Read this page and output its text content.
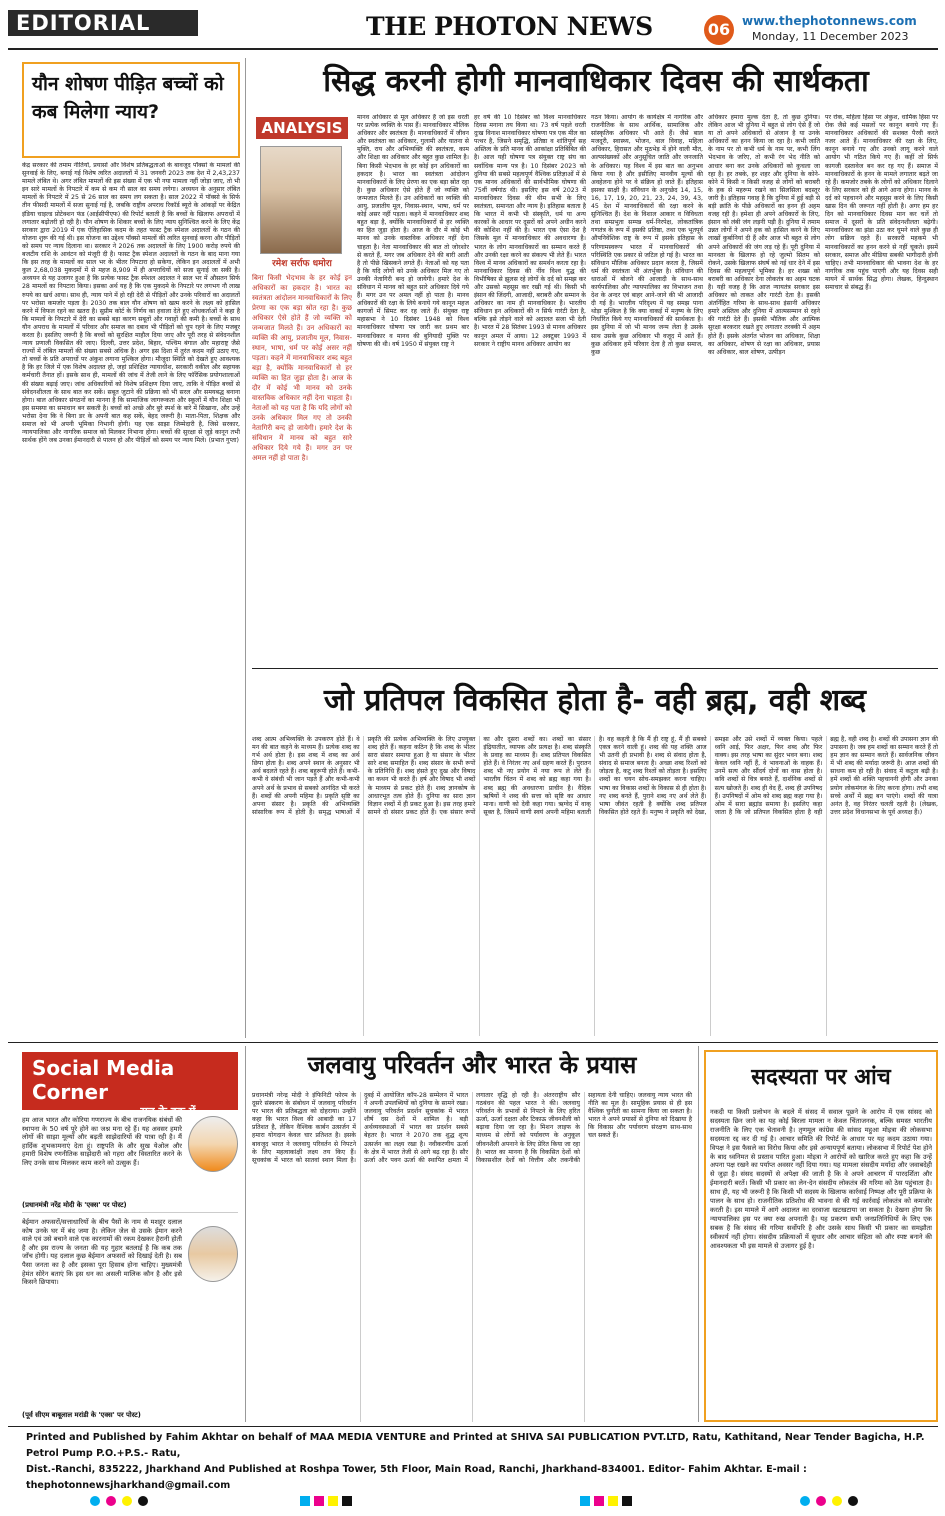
EDITORIAL	THE PHOTON NEWS	06 www.thephotonnews.com
Monday, 11 December 2023
यौन शोषण पीड़ित बच्चों को कब मिलेगा न्याय?
केंद्र सरकार की तमाम नीतियों, प्रयासों और विशेष प्रतिबद्धताओं के बावजूद पॉक्सो के मामलों की सुनवाई के लिए, बनाई गई विशेष त्वरित अदालतों में 31 जनवरी 2023 तक देश में 2,43,237 मामले लंबित थे। अगर लंबित मामलों की इस संख्या में एक भी नया मामला नहीं जोड़ा जाए, तो भी इन सारे मामलों के निपटारे में कम से कम नौ साल का समय लगेगा। अध्ययन के अनुसार लंबित मामलों के निपटारे में 25 से 26 साल का समय लग सकता है। साल 2022 में पॉक्सो के सिर्फ तीन फीसदी मामलों में सजा सुनाई गई है, जबकि राष्ट्रीय अपराध रिकॉर्ड ब्यूरो के आंकड़ों पर केंद्रित इंडिया चाइल्ड प्रोटेक्शन फंड (आईसीपीएफ) की रिपोर्ट बताती है कि बच्चों के खिलाफ अपराधों में लगातार बढ़ोतरी हो रही है। यौन शोषण के शिकार बच्चों के लिए न्याय सुनिश्चित करने के लिए केंद्र सरकार द्वारा 2019 में एक ऐतिहासिक कदम के तहत फास्ट ट्रैक स्पेशल अदालतों के गठन की योजना शुरू की गई थी। इस योजना का उद्देश्य पॉक्सो मामलों की त्वरित सुनवाई करना और पीड़ितों को समय पर न्याय दिलाना था। सरकार ने 2026 तक अदालतों के लिए 1900 करोड़ रुपये की बजटीय राशि के आवंटन को मंजूरी दी है। फास्ट ट्रैक स्पेशल अदालतों के गठन के बाद माना गया कि इस तरह के मामलों का साल भर के भीतर निपटारा हो सकेगा, लेकिन इन अदालतों में अभी कुल 2,68,038 मुकदमों में से महज 8,909 में ही अपराधियों को सजा सुनाई जा सकी है। अध्ययन से यह उजागर हुआ है कि प्रत्येक फास्ट ट्रैक स्पेशल अदालत ने साल भर में औसतन सिर्फ 28 मामलों का निपटारा किया। इसका अर्थ यह है कि एक मुकदमे के निपटारे पर लगभग नौ लाख रुपये का खर्च आया। साथ ही, न्याय पाने में हो रही देरी से पीड़ितों और उनके परिवारों का अदालतों पर भरोसा कमजोर पड़ता है। 2030 तक बाल यौन शोषण को खत्म करने के लक्ष्य को हासिल करने में विफल रहने का खतरा है। सुप्रीम कोर्ट के निर्णय का हवाला देते हुए शोधकर्ताओं ने कहा है कि मामलों के निपटारे में देरी का सबसे बड़ा कारण सबूतों और गवाहों की कमी है। बच्चों के साथ यौन अपराध के मामलों में परिवार और समाज का दबाव भी पीड़ितों को चुप रहने के लिए मजबूर करता है। इसलिए जरूरी है कि बच्चों को सुरक्षित माहौल दिया जाए और पूरी तरह से संवेदनशील न्याय प्रणाली विकसित की जाए। दिल्ली, उत्तर प्रदेश, बिहार, पश्चिम बंगाल और महाराष्ट्र जैसे राज्यों में लंबित मामलों की संख्या सबसे अधिक है। अगर इस दिशा में तुरंत कदम नहीं उठाए गए, तो बच्चों के प्रति अपराधों पर अंकुश लगाना मुश्किल होगा। मौजूदा स्थिति को देखते हुए आवश्यक है कि हर जिले में एक विशेष अदालत हो, जहां प्रशिक्षित न्यायाधीश, सरकारी वकील और सहायक कर्मचारी तैनात हों। इसके साथ ही, मामलों की जांच में तेजी लाने के लिए फॉरेंसिक प्रयोगशालाओं की संख्या बढ़ाई जाए। जांच अधिकारियों को विशेष प्रशिक्षण दिया जाए, ताकि वे पीड़ित बच्चों से संवेदनशीलता के साथ बात कर सकें। सबूत जुटाने की प्रक्रिया को भी सरल और समयबद्ध बनाना होगा। बाल अधिकार संगठनों का मानना है कि सामाजिक जागरूकता और स्कूलों में यौन शिक्षा भी इस समस्या का समाधान बन सकती है। बच्चों को अच्छे और बुरे स्पर्श के बारे में सिखाना, और उन्हें भरोसा देना कि वे बिना डर के अपनी बात कह सकें, बेहद जरूरी है। माता-पिता, शिक्षक और समाज को भी अपनी भूमिका निभानी होगी। यह एक साझा जिम्मेदारी है, जिसे सरकार, न्यायपालिका और नागरिक समाज को मिलकर निभाना होगा। बच्चों की सुरक्षा से जुड़े कानून तभी सार्थक होंगे जब उनका ईमानदारी से पालन हो और पीड़ितों को समय पर न्याय मिले। (प्रभात गुप्ता)
सिद्ध करनी होगी मानवाधिकार दिवस की सार्थकता
ANALYSIS
रमेश सर्राफ धमोरा
बिना किसी भेदभाव के हर कोई इन अधिकारों का हकदार है। भारत का स्वतंत्रता आंदोलन मानवाधिकारों के लिए प्रेरणा का एक बड़ा स्रोत रहा है। कुछ अधिकार ऐसे होते हैं जो व्यक्ति को जन्मजात मिलते हैं। उन अधिकारों का व्यक्ति की आयु, प्रजातीय मूल, निवास-स्थान, भाषा, धर्म पर कोई असर नहीं पड़ता। कहने में मानवाधिकार शब्द बहुत बड़ा है, क्योंकि मानवाधिकारों से हर व्यक्ति का हित जुड़ा होता है। आज के दौर में कोई भी मानव को उनके वास्तविक अधिकार नहीं देना चाहता है। नेताओं को यह पता है कि यदि लोगों को उनके अधिकार मिल गए तो उनकी नेतागिरी बन्द हो जायेगी। हमारे देश के संविधान में मानव को बहुत सारे अधिकार दिये गये हैं। मगर उन पर अमल नहीं हो पाता है।
मानव अधिकार से मूल अधिकार हैं जो इस धरती पर प्रत्येक व्यक्ति के पास हैं। मानवाधिकार मौलिक अधिकार और स्वतंत्रता हैं। मानवाधिकारों में जीवन और स्वतंत्रता का अधिकार, गुलामी और यातना से मुक्ति, राय और अभिव्यक्ति की स्वतंत्रता, काम और शिक्षा का अधिकार और बहुत कुछ शामिल है। बिना किसी भेदभाव के हर कोई इन अधिकारों का हकदार है। भारत का स्वतंत्रता आंदोलन मानवाधिकारों के लिए प्रेरणा का एक बड़ा स्रोत रहा है। कुछ अधिकार ऐसे होते हैं जो व्यक्ति को जन्मजात मिलते हैं। उन अधिकारों का व्यक्ति की आयु, प्रजातीय मूल, निवास-स्थान, भाषा, धर्म पर कोई असर नहीं पड़ता। कहने में मानवाधिकार शब्द बहुत बड़ा है, क्योंकि मानवाधिकारों से हर व्यक्ति का हित जुड़ा होता है। आज के दौर में कोई भी मानव को उनके वास्तविक अधिकार नहीं देना चाहता है। नेता मानवाधिकार की बात तो जोरशोर से करते हैं, मगर जब अधिकार देने की बारी आती है तो पीछे खिसकने लगते हैं। नेताओं को यह पता है कि यदि लोगों को उनके अधिकार मिल गए तो उनकी नेतागिरी बन्द हो जायेगी। हमारे देश के संविधान में मानव को बहुत सारे अधिकार दिये गये हैं। मगर उन पर अमल नहीं हो पाता है। मानव अधिकारों की रक्षा के लिये बनाये गये कानून महज कागजों में सिमट कर रह जाते हैं। संयुक्त राष्ट्र महासभा ने 10 दिसंबर 1948 को विश्व मानवाधिकार घोषणा पत्र जारी कर प्रथम बार मानवाधिकार व मानव की बुनियादी मुक्ति पर घोषणा की थी। वर्ष 1950 में संयुक्त राष्ट्र ने
हर वर्ष की 10 दिसंबर को विश्व मानवाधिकार दिवस मनाना तय किया था। 73 वर्ष पहले धरती दुःख विनाश मानवाधिकार घोषणा पत्र एक मील का पत्थर है, जिसने समृद्धि, प्रतिष्ठा व शांतिपूर्ण सह अस्तित्व के प्रति मानव की आकांक्षा प्रतिबिंबित की है। आज यही घोषणा पत्र संयुक्त राष्ट्र संघ का सर्वाधिक मान्य पत्र है। 10 दिसंबर 2023 को दुनिया की सबसे महत्वपूर्ण वैश्विक प्रतिज्ञाओं में से एक मानव अधिकारों की सार्वभौमिक घोषणा की 75वीं वर्षगांठ थी। इसलिए इस वर्ष 2023 में मानवाधिकार दिवस की थीम सभी के लिए स्वतंत्रता, समानता और न्याय है। इतिहास बताता है कि भारत में कभी भी संस्कृति, धर्म या अन्य कारकों के आधार पर दूसरों को अपने अधीन करने की कोशिश नहीं की है। भारत एक ऐसा देश है जिसके मूल में मानवाधिकार की अवधारणा है। भारत के लोग मानवाधिकारों का सम्मान करते हैं और उनकी रक्षा करने का संकल्प भी लेते हैं। भारत विश्व में मानव अधिकारों का समर्थन करता रहा है। मानवाधिकार दिवस की नींव विश्व युद्ध की विभीषिका से झुलस रहे लोगों के दर्द को समझ कर और उसको महसूस कर रखी गई थी। किसी भी इंसान की जिंदगी, आजादी, बराबरी और सम्मान के अधिकार का नाम ही मानवाधिकार है। भारतीय संविधान इन अधिकारों की न सिर्फ गारंटी देता है, बल्कि इसे तोड़ने वाले को अदालत सजा भी देती है। भारत में 28 सितंबर 1993 से मानव अधिकार कानून अमल में आया। 12 अक्टूबर 1993 में सरकार ने राष्ट्रीय मानव अधिकार आयोग का
गठन किया। आयोग के कार्यक्षेत्र में नागरिक और राजनीतिक के साथ आर्थिक, सामाजिक और सांस्कृतिक अधिकार भी आते हैं। जैसे बाल मजदूरी, स्वास्थ्य, भोजन, बाल विवाह, महिला अधिकार, हिरासत और मुठभेड़ में होने वाली मौत, अल्पसंख्यकों और अनुसूचित जाति और जनजाति के अधिकार। यह विश्व में इस बात का अनुभव किया गया है और इसीलिए मानवीय मूल्यों की अवहेलना होने पर वे संक्रिय हो जाते हैं। इतिहास इसका साक्षी है। संविधान के अनुच्छेद 14, 15, 16, 17, 19, 20, 21, 23, 24, 39, 43, 45 देश में मानवाधिकारों की रक्षा करने के सुनिश्चित हैं। देश के विशाल आकार व विविधता तथा सम्प्रभुता सम्पन्न धर्म-निरपेक्ष, लोकतांत्रिक गणतंत्र के रूप में इसकी प्रतिष्ठा, तथा एक भूतपूर्व औपनिवेशिक राष्ट्र के रूप में इसके इतिहास के परिणामस्वरूप भारत में मानवाधिकारों की परिस्थिति एक प्रकार से जटिल हो गई है। भारत का संविधान मौलिक अधिकार प्रदान करता है, जिसमें धर्म की स्वतंत्रता भी अंतर्भुक्त है। संविधान की धाराओं में बोलने की आजादी के साथ-साथ कार्यपालिका और न्यायपालिका का विभाजन तथा देश के अन्दर एवं बाहर आने-जाने की भी आजादी दी गई है। भारतीय परिदृश्य में यह समझ पाना थोड़ा मुश्किल है कि क्या वाकई में मनुष्य के लिए निर्धारित किये गए मानवाधिकारों की सार्थकता है। इस दुनिया में जो भी मानव जन्म लेता है उसके साथ उसके कुछ अधिकार भी वजूद में आते हैं। कुछ अधिकार हमें परिवार देता है तो कुछ समाज, कुछ
अधिकार हमारा मुल्क देता है, तो कुछ दुनिया। लेकिन आज भी दुनिया में बहुत से लोग ऐसे हैं जो या तो अपने अधिकारों से अंजान है या उनके अधिकारों का हनन किया जा रहा है। कभी जाति के नाम पर तो कभी धर्म के नाम पर, कभी लिंग भेदभाव के जरिए, तो कभी रंग भेद नीति को आधार बना कर उनके अधिकारों को कुचला जा रहा है। हर तबके, हर शहर और दुनिया के कोने-कोने में किसी न किसी वजह से लोगों को बराबरी के हक से महरूम रखने का सिलसिला बदस्तूर जारी है। इतिहास गवाह है कि दुनिया में हुई बड़ी से बड़ी क्रांति के पीछे अधिकारों का हनन ही अहम वजह रही है। हमेशा ही अपने अधिकारों के लिए, इंसान को लंबी जंग लड़नी पड़ी है। दुनिया में तमाम उन्नत लोगों ने अपने हक को हासिल करने के लिए लाखों कुर्बानियां दी हैं और आज भी बहुत से लोग अपने अधिकारों की जंग लड़ रहे हैं। पूरी दुनिया में मानवता के खिलाफ हो रहे जुल्मो सितम को रोकने, उसके खिलाफ संघर्ष को नई धार देने में इस दिवस की महत्वपूर्ण भूमिका है। हर शख्स को बराबरी का अधिकार देना लोकतंत्र का अहम घटक है। यही वजह है कि आज न्यायतंत्र सरकार इस अधिकार को ताकत और गारंटी देता है। इसकी अंतर्निहित गरिमा के साथ-साथ इंसानी अधिकार हमारे अस्तित्व और दुनिया में आत्मसम्मान से रहने की गारंटी देते हैं। इसकी भौतिक और आत्मिक सुरक्षा बरकरार रखते हुए लगातार तरक्की में अहम होते हैं। इसके अंतर्गत भोजन का अधिकार, शिक्षा का अधिकार, शोषण से रक्षा का अधिकार, प्रयास का अधिकार, बाल शोषण, उत्पीड़न
पर रोक, महिला हिंसा पर अंकुश, धार्मिक हिंसा पर रोक जैसे कई मसलों पर कानून बनाये गए हैं। मानवाधिकार अधिकारों की सशक्त पैरवी करते नजर आते हैं। मानवाधिकार की रक्षा के लिए, कानून बनाये गए और उनको लागू करने वाले आयोग भी गठित किये गए हैं। कहीं तो सिर्फ कागजी दस्तावेज बन कर रह गए हैं। समाज में मानवाधिकारों के हनन के मामले लगातार बढ़ते जा रहे हैं। कमजोर तबके के लोगों को अधिकार दिलाने के लिए सरकार को ही आगे आना होगा। मानव के दर्द को पहचानने और महसूस करने के लिए किसी खास दिन की जरूरत नहीं होती है। अगर हम हर दिन को मानवाधिकार दिवस मान कर चलें तो समाज में दूसरों के प्रति संवेदनशीलता बढ़ेगी। मानवाधिकार का झंडा उठा कर घूमने वाले कुछ ही लोग सक्रिय रहते हैं। सरकारी महकमे भी मानवाधिकारों का हनन करने से नहीं चूकते। इसमें सरकार, समाज और मीडिया सबकी भागीदारी होनी चाहिए। तभी मानवाधिकार की भावना देश के हर नागरिक तक पहुंच पाएगी और यह दिवस सही मायने में सार्थक सिद्ध होगा। लेखक, हिन्दुस्थान समाचार से संबद्ध हैं।
जो प्रतिपल विकसित होता है- वही ब्रह्म, वही शब्द
शब्द आत्म अभिव्यक्ति के उपकरण होते हैं। वे मन की बात कहने के माध्यम हैं। प्रत्येक शब्द का गर्भ अर्थ होता है। इस शब्द में शब्द का अर्थ छिपा होता है। शब्द अपने स्थान के अनुसार भी अर्थ बदलते रहते हैं। शब्द बहुरूपी होते हैं। कभी-कभी वे संबंधी भी जान पड़ते हैं और कभी-कभी अपने अर्थ के प्रभाव से सबको आनंदित भी करते हैं। शब्दों की अपनी महिमा है। प्रकृति सृष्टि का अपना संसार है। प्रकृति की अभिव्यक्ति सांसारिक रूप में होती है। समृद्ध भाषाओं में प्रकृति की प्रत्येक अभिव्यक्ति के लिए उपयुक्त शब्द होते हैं। कहना कठिन है कि शब्द के भीतर सारा संसार समाया हुआ है या संसार के भीतर सारे शब्द समाहित हैं। शब्द संसार के सभी रूपों के प्रतिनिधि हैं। शब्द हंसते हुए दुख और विषाद का कथन भी करते हैं। हर्ष और विषाद भी शब्दों के माध्यम से प्रकट होते हैं। शब्द ज्ञानकोष के आधारभूत तत्व होते हैं। दुनिया का सारा ज्ञान विज्ञान शब्दों में ही प्रकट हुआ है। इस तरह हमारे सामने दो संसार प्रकट होते हैं। एक संसार रूपों का और दूसरा शब्दों का। शब्दों का संसार इंद्रियातीत, व्यापक और प्रत्यक्ष है। शब्द संस्कृति के प्रवाह का माध्यम हैं। शब्द प्रतिपल विकसित होते हैं। वे निरंतर नए अर्थ ग्रहण करते हैं। पुरातन शब्द भी नए प्रयोग में नया रूप ले लेते हैं। भारतीय चिंतन में शब्द को ब्रह्म कहा गया है। शब्द ब्रह्म की अवधारणा प्राचीन है। वैदिक ऋषियों ने शब्द की सत्ता को सृष्टि का आधार माना। वाणी को देवी कहा गया। ऋग्वेद में वाक् सूक्त है, जिसमें वाणी स्वयं अपनी महिमा बताती है। वह कहती है कि मैं ही राष्ट्र हूं, मैं ही सबको एकत्र करने वाली हूं। शब्द की यह शक्ति आज भी उतनी ही प्रभावी है। शब्द से संवाद होता है, संवाद से समाज बनता है। अच्छा शब्द रिश्तों को जोड़ता है, कटु शब्द रिश्तों को तोड़ता है। इसलिए शब्दों का चयन सोच-समझकर करना चाहिए। भाषा का विकास शब्दों के विकास से ही होता है। नए शब्द बनते हैं, पुराने शब्द नए अर्थ लेते हैं। भाषा जीवंत रहती है क्योंकि शब्द प्रतिपल विकसित होते रहते हैं। मनुष्य ने प्रकृति को देखा, समझा और उसे शब्दों में व्यक्त किया। पहले ध्वनि आई, फिर अक्षर, फिर शब्द और फिर वाक्य। इस तरह भाषा का सुंदर भवन बना। शब्द केवल ध्वनि नहीं हैं, वे भावनाओं के वाहक हैं। उनमें सत्य और सौंदर्य दोनों का वास होता है। कवि शब्दों से चित्र बनाते हैं, दार्शनिक शब्दों से सत्य खोजते हैं। शब्द ही वेद हैं, शब्द ही उपनिषद हैं। उपनिषदों में ओम को शब्द ब्रह्म कहा गया है। ओम में सारा ब्रह्मांड समाया है। इसलिए कहा जाता है कि जो प्रतिपल विकसित होता है वही ब्रह्म है, वही शब्द है। शब्दों की उपासना ज्ञान की उपासना है। जब हम शब्दों का सम्मान करते हैं तो हम ज्ञान का सम्मान करते हैं। सार्वजनिक जीवन में भी शब्द की मर्यादा जरूरी है। आज शब्दों की साधना कम हो रही है। संवाद में कटुता बढ़ी है। हमें शब्दों की शक्ति पहचाननी होगी और उनका प्रयोग लोकमंगल के लिए करना होगा। तभी शब्द सच्चे अर्थों में ब्रह्म बन पाएंगे। शब्दों की यात्रा अनंत है, वह निरंतर चलती रहती है। (लेखक, उत्तर प्रदेश विधानसभा के पूर्व अध्यक्ष हैं।)
Social Media Corner
सच के हक में...
हम आज भारत और कोरिया गणराज्य के बीच राजनयिक संबंधों की स्थापना के 50 वर्ष पूरे होने का जश्न मना रहे हैं। यह अवसर हमारे लोगों की साझा मूल्यों और बढ़ती साझेदारियों की यात्रा रही है। मैं हार्दिक शुभकामनाएं देता हूं। राष्ट्रपति के और सुख येओल और हमारी विशेष रणनीतिक साझेदारी को गहरा और विस्तारित करने के लिए उनके साथ मिलकर काम करने को उत्सुक हैं।
(प्रधानमंत्री नरेंद्र मोदी के 'एक्स' पर पोस्ट)
बेईमान अफसरों/सत्ताधारियों के बीच पैसों के नाम से मशहूर दलाल कोष उनके घर में बंद जमा है। लेकिन जेल से उसके ईमान करने वाले एवं उसे बचाने वाले एक कारनामों की रकम देखकर हैरानी होती है और इस राज्य के जनता की यह गुहार बतलाई है कि कब तक जाँच होगी। यह दलाल कुछ बेईमान अफसरों को दिखाई देती है। सब पैसा जनता का है और इसका पूरा हिसाब होना चाहिए। मुख्यमंत्री हेमंत सोरेन बताएं कि इस धन का असली मालिक कौन है और इसे किसने छिपाया।
(पूर्व सीएम बाबूलाल मरांडी के 'एक्स' पर पोस्ट)
जलवायु परिवर्तन और भारत के प्रयास
प्रधानमंत्री नरेन्द्र मोदी ने इंफिनिटी फोरम के दूसरे संस्करण के संबोधन में जलवायु परिवर्तन पर भारत की प्रतिबद्धता को दोहराया। उन्होंने कहा कि भारत विश्व की आबादी का 17 प्रतिशत है, लेकिन वैश्विक कार्बन उत्सर्जन में हमारा योगदान केवल चार प्रतिशत है। इसके बावजूद भारत ने जलवायु परिवर्तन से निपटने के लिए महत्वाकांक्षी लक्ष्य तय किए हैं। सूचकांक में भारत को सातवां स्थान मिला है। दुबई में आयोजित कॉप-28 सम्मेलन में भारत ने अपनी उपलब्धियों को दुनिया के सामने रखा। जलवायु परिवर्तन प्रदर्शन सूचकांक में भारत शीर्ष दस देशों में शामिल है। बड़ी अर्थव्यवस्थाओं में भारत का प्रदर्शन सबसे बेहतर है। भारत ने 2070 तक शुद्ध शून्य उत्सर्जन का लक्ष्य रखा है। नवीकरणीय ऊर्जा के क्षेत्र में भारत तेजी से आगे बढ़ रहा है। सौर ऊर्जा और पवन ऊर्जा की स्थापित क्षमता में लगातार वृद्धि हो रही है। अंतरराष्ट्रीय सौर गठबंधन की पहल भारत ने की। जलवायु परिवर्तन के प्रभावों से निपटने के लिए हरित ऊर्जा, ऊर्जा दक्षता और टिकाऊ जीवनशैली को बढ़ावा दिया जा रहा है। मिशन लाइफ के माध्यम से लोगों को पर्यावरण के अनुकूल जीवनशैली अपनाने के लिए प्रेरित किया जा रहा है। भारत का मानना है कि विकसित देशों को विकासशील देशों को वित्तीय और तकनीकी सहायता देनी चाहिए। जलवायु न्याय भारत की नीति का मूल है। सामूहिक प्रयास से ही इस वैश्विक चुनौती का सामना किया जा सकता है। भारत ने अपने प्रयासों से दुनिया को दिखाया है कि विकास और पर्यावरण संरक्षण साथ-साथ चल सकते हैं।
सदस्यता पर आंच
नकदी या किसी प्रलोभन के बदले में संसद में सवाल पूछने के आरोप में एक सांसद को सदस्यता छिन जाने का यह कोई बिरला मामला न केवल चिंताजनक, बल्कि समस्त भारतीय राजनीति के लिए एक चेतावनी है। तृणमूल कांग्रेस की सांसद महुआ मोइत्रा की लोकसभा सदस्यता रद्द कर दी गई है। आचार समिति की रिपोर्ट के आधार पर यह कदम उठाया गया। विपक्ष ने इस फैसले का विरोध किया और इसे अन्यायपूर्ण बताया। लोकसभा में रिपोर्ट पेश होने के बाद ध्वनिमत से प्रस्ताव पारित हुआ। मोइत्रा ने आरोपों को खारिज करते हुए कहा कि उन्हें अपना पक्ष रखने का पर्याप्त अवसर नहीं दिया गया। यह मामला संसदीय मर्यादा और जवाबदेही से जुड़ा है। संसद सदस्यों से अपेक्षा की जाती है कि वे अपने आचरण में पारदर्शिता और ईमानदारी बरतें। किसी भी प्रकार का लेन-देन संसदीय लोकतंत्र की गरिमा को ठेस पहुंचाता है। साथ ही, यह भी जरूरी है कि किसी भी सदस्य के खिलाफ कार्रवाई निष्पक्ष और पूरी प्रक्रिया के पालन के साथ हो। राजनीतिक प्रतिशोध की भावना से की गई कार्रवाई लोकतंत्र को कमजोर करती है। इस मामले में आगे अदालत का दरवाजा खटखटाया जा सकता है। देखना होगा कि न्यायपालिका इस पर क्या रुख अपनाती है। यह प्रकरण सभी जनप्रतिनिधियों के लिए एक सबक है कि संसद की गरिमा सर्वोपरि है और उसके साथ किसी भी प्रकार का समझौता स्वीकार्य नहीं होगा। संसदीय प्रक्रियाओं में सुधार और आचार संहिता को और स्पष्ट बनाने की आवश्यकता भी इस मामले से उजागर हुई है।
Printed and Published by Fahim Akhtar on behalf of MAA MEDIA VENTURE and Printed at SHIVA SAI PUBLICATION PVT.LTD, Ratu, Kathitand, Near Tender Bagicha, H.P. Petrol Pump P.O.+P.S.- Ratu,
Dist.-Ranchi, 835222, Jharkhand And Published at Roshpa Tower, 5th Floor, Main Road, Ranchi, Jharkhand-834001. Editor- Fahim Akhtar. E-mail : thephotonnewsjharkhand@gmail.com
